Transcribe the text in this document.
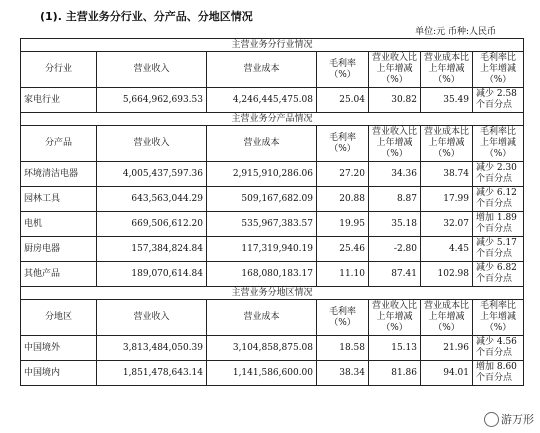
(1). 主营业务分行业、分产品、分地区情况
单位:元 币种:人民币
主营业务分行业情况						
分行业	营业收入	营业成本	毛利率（%）	营业收入比上年增减（%）	营业成本比上年增减（%）	毛利率比上年增减（%）
家电行业	5,664,962,693.53	4,246,445,475.08	25.04	30.82	35.49	减少 2.58 个百分点
主营业务分产品情况						
分产品	营业收入	营业成本	毛利率（%）	营业收入比上年增减（%）	营业成本比上年增减（%）	毛利率比上年增减（%）
环境清洁电器	4,005,437,597.36	2,915,910,286.06	27.20	34.36	38.74	减少 2.30 个百分点
园林工具	643,563,044.29	509,167,682.09	20.88	8.87	17.99	减少 6.12 个百分点
电机	669,506,612.20	535,967,383.57	19.95	35.18	32.07	增加 1.89 个百分点
厨房电器	157,384,824.84	117,319,940.19	25.46	-2.80	4.45	减少 5.17 个百分点
其他产品	189,070,614.84	168,080,183.17	11.10	87.41	102.98	减少 6.82 个百分点
主营业务分地区情况						
分地区	营业收入	营业成本	毛利率（%）	营业收入比上年增减（%）	营业成本比上年增减（%）	毛利率比上年增减（%）
中国境外	3,813,484,050.39	3,104,858,875.08	18.58	15.13	21.96	减少 4.56 个百分点
中国境内	1,851,478,643.14	1,141,586,600.00	38.34	81.86	94.01	增加 8.60 个百分点
游万形
